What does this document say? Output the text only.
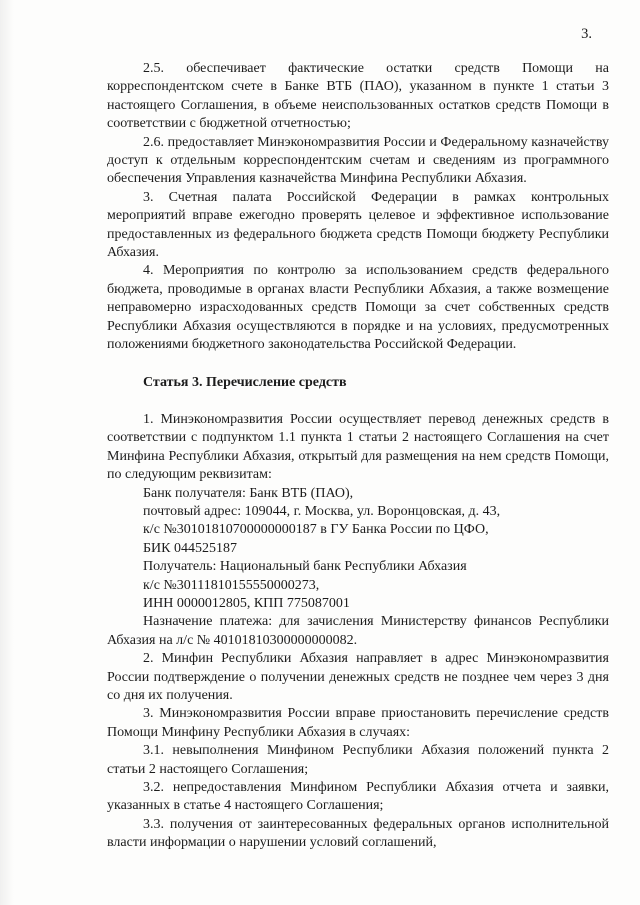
3.

2.5. обеспечивает фактические остатки средств Помощи на корреспондентском счете в Банке ВТБ (ПАО), указанном в пункте 1 статьи 3 настоящего Соглашения, в объеме неиспользованных остатков средств Помощи в соответствии с бюджетной отчетностью;

2.6. предоставляет Минэкономразвития России и Федеральному казначейству доступ к отдельным корреспондентским счетам и сведениям из программного обеспечения Управления казначейства Минфина Республики Абхазия.

3. Счетная палата Российской Федерации в рамках контрольных мероприятий вправе ежегодно проверять целевое и эффективное использование предоставленных из федерального бюджета средств Помощи бюджету Республики Абхазия.

4. Мероприятия по контролю за использованием средств федерального бюджета, проводимые в органах власти Республики Абхазия, а также возмещение неправомерно израсходованных средств Помощи за счет собственных средств Республики Абхазия осуществляются в порядке и на условиях, предусмотренных положениями бюджетного законодательства Российской Федерации.

Статья 3. Перечисление средств

1. Минэкономразвития России осуществляет перевод денежных средств в соответствии с подпунктом 1.1 пункта 1 статьи 2 настоящего Соглашения на счет Минфина Республики Абхазия, открытый для размещения на нем средств Помощи, по следующим реквизитам:

Банк получателя: Банк ВТБ (ПАО),

почтовый адрес: 109044, г. Москва, ул. Воронцовская, д. 43,

к/с №30101810700000000187 в ГУ Банка России по ЦФО,

БИК 044525187

Получатель: Национальный банк Республики Абхазия

к/с №30111810155550000273,

ИНН 0000012805, КПП 775087001

Назначение платежа: для зачисления Министерству финансов Республики Абхазия на л/с № 40101810300000000082.

2. Минфин Республики Абхазия направляет в адрес Минэкономразвития России подтверждение о получении денежных средств не позднее чем через 3 дня со дня их получения.

3. Минэкономразвития России вправе приостановить перечисление средств Помощи Минфину Республики Абхазия в случаях:

3.1. невыполнения Минфином Республики Абхазия положений пункта 2 статьи 2 настоящего Соглашения;

3.2. непредоставления Минфином Республики Абхазия отчета и заявки, указанных в статье 4 настоящего Соглашения;

3.3. получения от заинтересованных федеральных органов исполнительной власти информации о нарушении условий соглашений,
